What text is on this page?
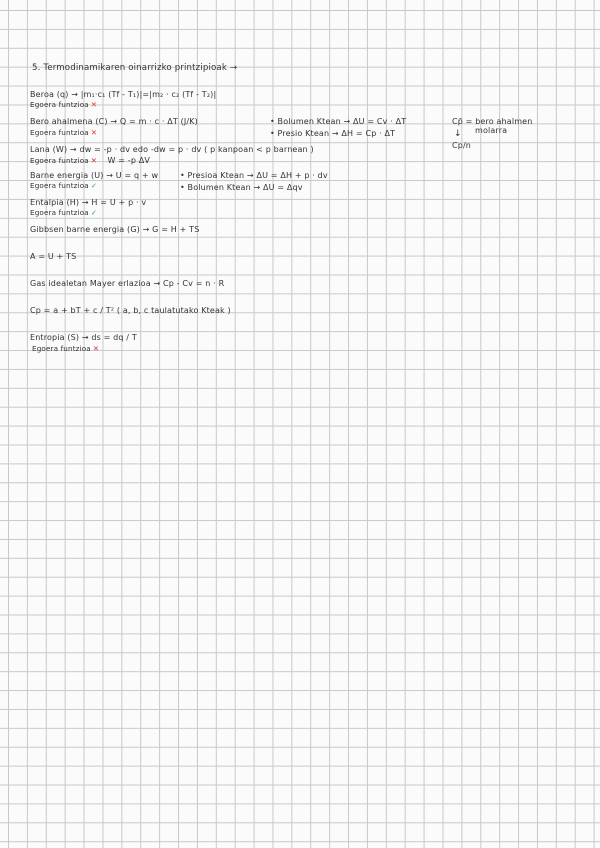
5. Termodinamikaren oinarrizko printzipioak →
Beroa (q) → |m₁·c₁ (Tf - T₁)|=|m₂ · c₂ (Tf - T₂)|
Egoera funtzioa ✕
Bero ahalmena (C) → Q = m · c · ΔT (J/K)
Egoera funtzioa ✕
• Bolumen Ktean → ΔU = Cv · ΔT
• Presio Ktean → ΔH = Cp · ΔT
Cp̄ = bero ahalmen
molarra
↓
Cp/n
Lana (W) → dw = -p · dv edo -dw = p · dv ( p kanpoan < p barnean )
Egoera funtzioa ✕ W = -p ΔV
Barne energia (U) → U = q + w
Egoera funtzioa ✓
• Presioa Ktean → ΔU = ΔH + p · dv
• Bolumen Ktean → ΔU = Δqv
Entalpia (H) → H = U + p · v
Egoera funtzioa ✓
Gibbsen barne energia (G) → G = H + TS
A = U + TS
Gas idealetan Mayer erlazioa → Cp - Cv = n · R
Cp = a + bT + c / T² ( a, b, c taulatutako Kteak )
Entropia (S) → ds = dq / T
Egoera funtzioa ✕
